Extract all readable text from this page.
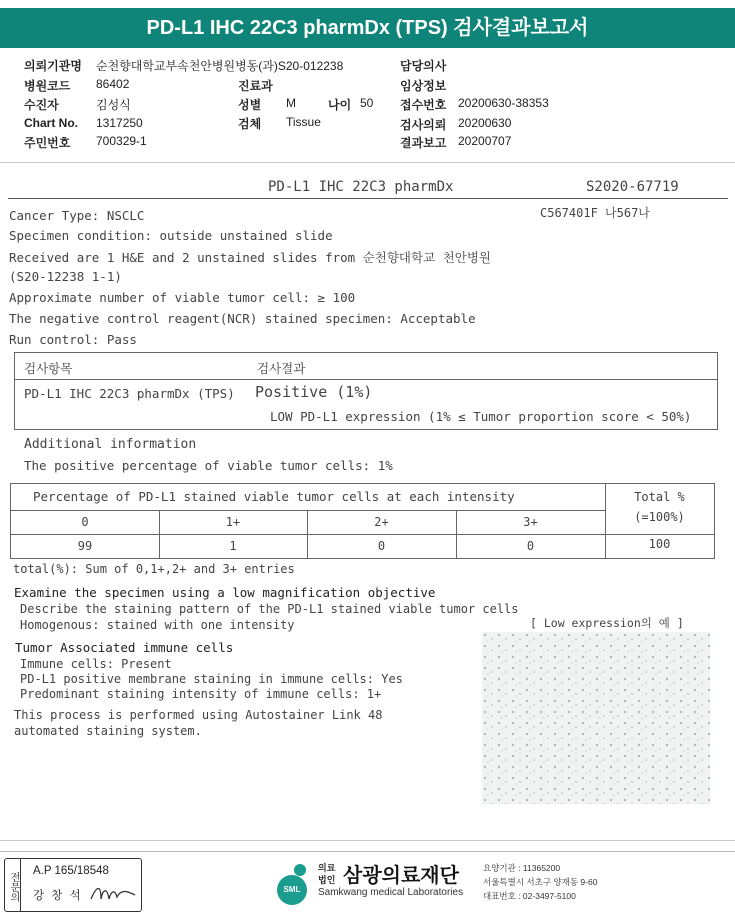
PD-L1 IHC 22C3 pharmDx (TPS) 검사결과보고서
의뢰기관명 순천향대학교부속천안병원병동(과)S20-012238
병원코드 86402	진료과
수진자	김성식	성별 M	나이 50
Chart No. 1317250	검체 Tissue
주민번호 700329-1
담당의사
임상정보
접수번호 20200630-38353
검사의뢰 20200630
결과보고 20200707
PD-L1 IHC 22C3 pharmDx	S2020-67719
C567401F 나567나
Cancer Type: NSCLC
Specimen condition: outside unstained slide
Received are 1 H&E and 2 unstained slides from 순천향대학교 천안병원
(S20-12238 1-1)
Approximate number of viable tumor cell: ≥ 100
The negative control reagent(NCR) stained specimen: Acceptable
Run control: Pass
검사항목	검사결과
PD-L1 IHC 22C3 pharmDx (TPS) Positive (1%)
LOW PD-L1 expression (1% ≤ Tumor proportion score < 50%)
Additional information
The positive percentage of viable tumor cells: 1%
Percentage of PD-L1 stained viable tumor cells at each intensity	Total %
(=100%)
0	1+	2+	3+
99	1	0	0	100
total(%): Sum of 0,1+,2+ and 3+ entries
Examine the specimen using a low magnification objective
Describe the staining pattern of the PD-L1 stained viable tumor cells
Homogenous: stained with one intensity	[ Low expression의 예 ]
Tumor Associated immune cells
Immune cells: Present
PD-L1 positive membrane staining in immune cells: Yes
Predominant staining intensity of immune cells: 1+
This process is performed using Autostainer Link 48
automated staining system.
전문의
A.P 165/18548
강 창 석
SML
의료
법인 삼광의료재단
Samkwang medical Laboratories
요양기관 : 11365200
서울특별시 서초구 양재동 9-60
대표번호 : 02-3497-5100
